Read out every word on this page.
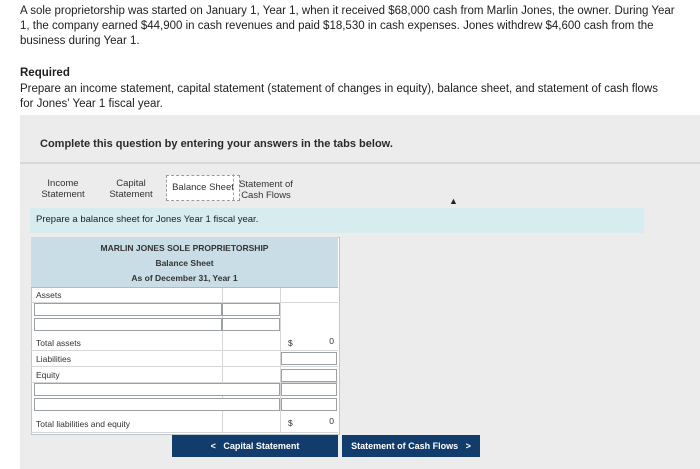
A sole proprietorship was started on January 1, Year 1, when it received $68,000 cash from Marlin Jones, the owner. During Year 1, the company earned $44,900 in cash revenues and paid $18,530 in cash expenses. Jones withdrew $4,600 cash from the business during Year 1.
Required
Prepare an income statement, capital statement (statement of changes in equity), balance sheet, and statement of cash flows for Jones' Year 1 fiscal year.
Complete this question by entering your answers in the tabs below.
Income
Statement
Capital
Statement
Balance Sheet Statement of
Cash Flows	▲
Prepare a balance sheet for Jones Year 1 fiscal year.
MARLIN JONES SOLE PROPRIETORSHIP
Balance Sheet
As of December 31, Year 1
Assets
Total assets	$	0
Liabilities
Equity
Total liabilities and equity	$	0
< Capital Statement	Statement of Cash Flows >
